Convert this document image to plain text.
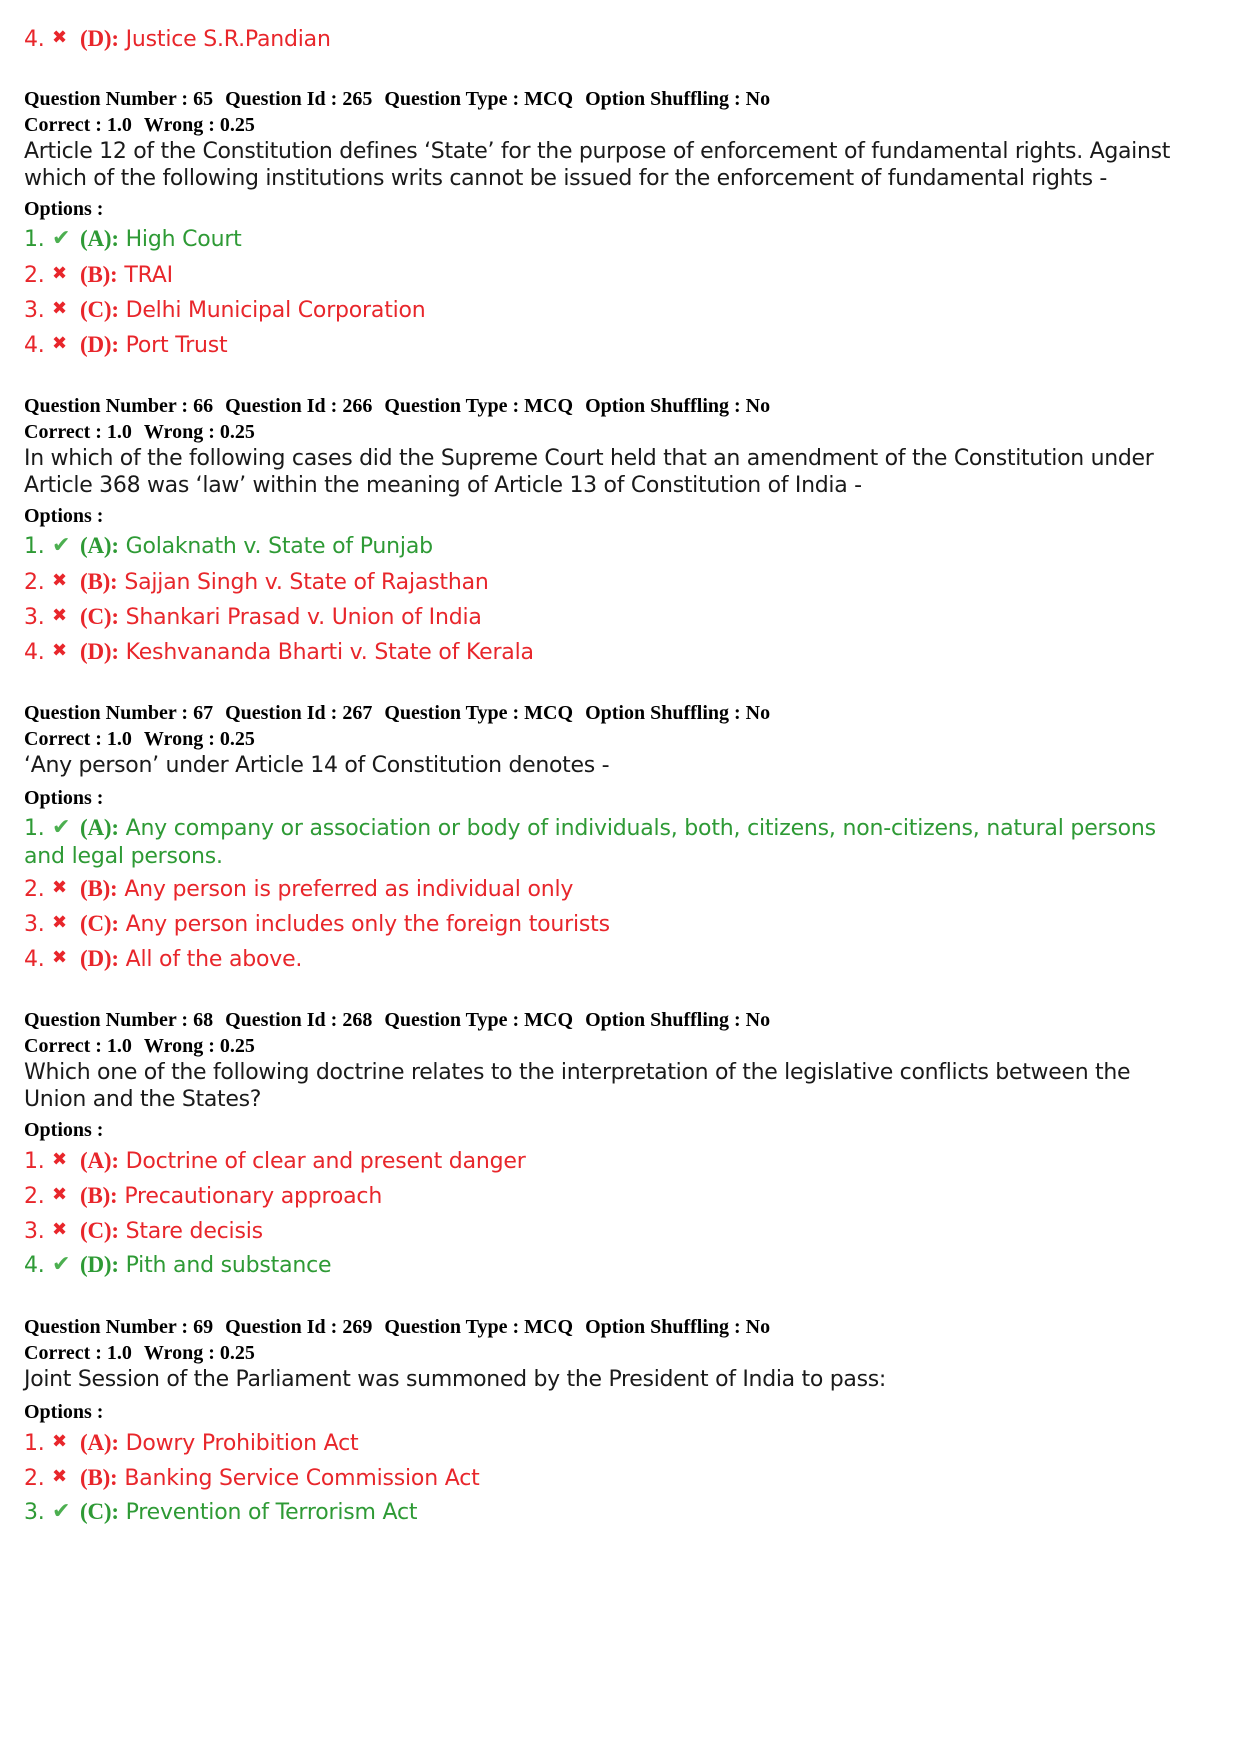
4. ✖ (D): Justice S.R.Pandian
Question Number : 65 Question Id : 265 Question Type : MCQ Option Shuffling : No
Correct : 1.0 Wrong : 0.25
Article 12 of the Constitution defines ‘State’ for the purpose of enforcement of fundamental rights. Against which of the following institutions writs cannot be issued for the enforcement of fundamental rights -
Options :
1. ✔ (A): High Court
2. ✖ (B): TRAI
3. ✖ (C): Delhi Municipal Corporation
4. ✖ (D): Port Trust
Question Number : 66 Question Id : 266 Question Type : MCQ Option Shuffling : No
Correct : 1.0 Wrong : 0.25
In which of the following cases did the Supreme Court held that an amendment of the Constitution under Article 368 was ‘law’ within the meaning of Article 13 of Constitution of India -
Options :
1. ✔ (A): Golaknath v. State of Punjab
2. ✖ (B): Sajjan Singh v. State of Rajasthan
3. ✖ (C): Shankari Prasad v. Union of India
4. ✖ (D): Keshvananda Bharti v. State of Kerala
Question Number : 67 Question Id : 267 Question Type : MCQ Option Shuffling : No
Correct : 1.0 Wrong : 0.25
‘Any person’ under Article 14 of Constitution denotes -
Options :
1. ✔ (A): Any company or association or body of individuals, both, citizens, non-citizens, natural persons and legal persons.
2. ✖ (B): Any person is preferred as individual only
3. ✖ (C): Any person includes only the foreign tourists
4. ✖ (D): All of the above.
Question Number : 68 Question Id : 268 Question Type : MCQ Option Shuffling : No
Correct : 1.0 Wrong : 0.25
Which one of the following doctrine relates to the interpretation of the legislative conflicts between the Union and the States?
Options :
1. ✖ (A): Doctrine of clear and present danger
2. ✖ (B): Precautionary approach
3. ✖ (C): Stare decisis
4. ✔ (D): Pith and substance
Question Number : 69 Question Id : 269 Question Type : MCQ Option Shuffling : No
Correct : 1.0 Wrong : 0.25
Joint Session of the Parliament was summoned by the President of India to pass:
Options :
1. ✖ (A): Dowry Prohibition Act
2. ✖ (B): Banking Service Commission Act
3. ✔ (C): Prevention of Terrorism Act
